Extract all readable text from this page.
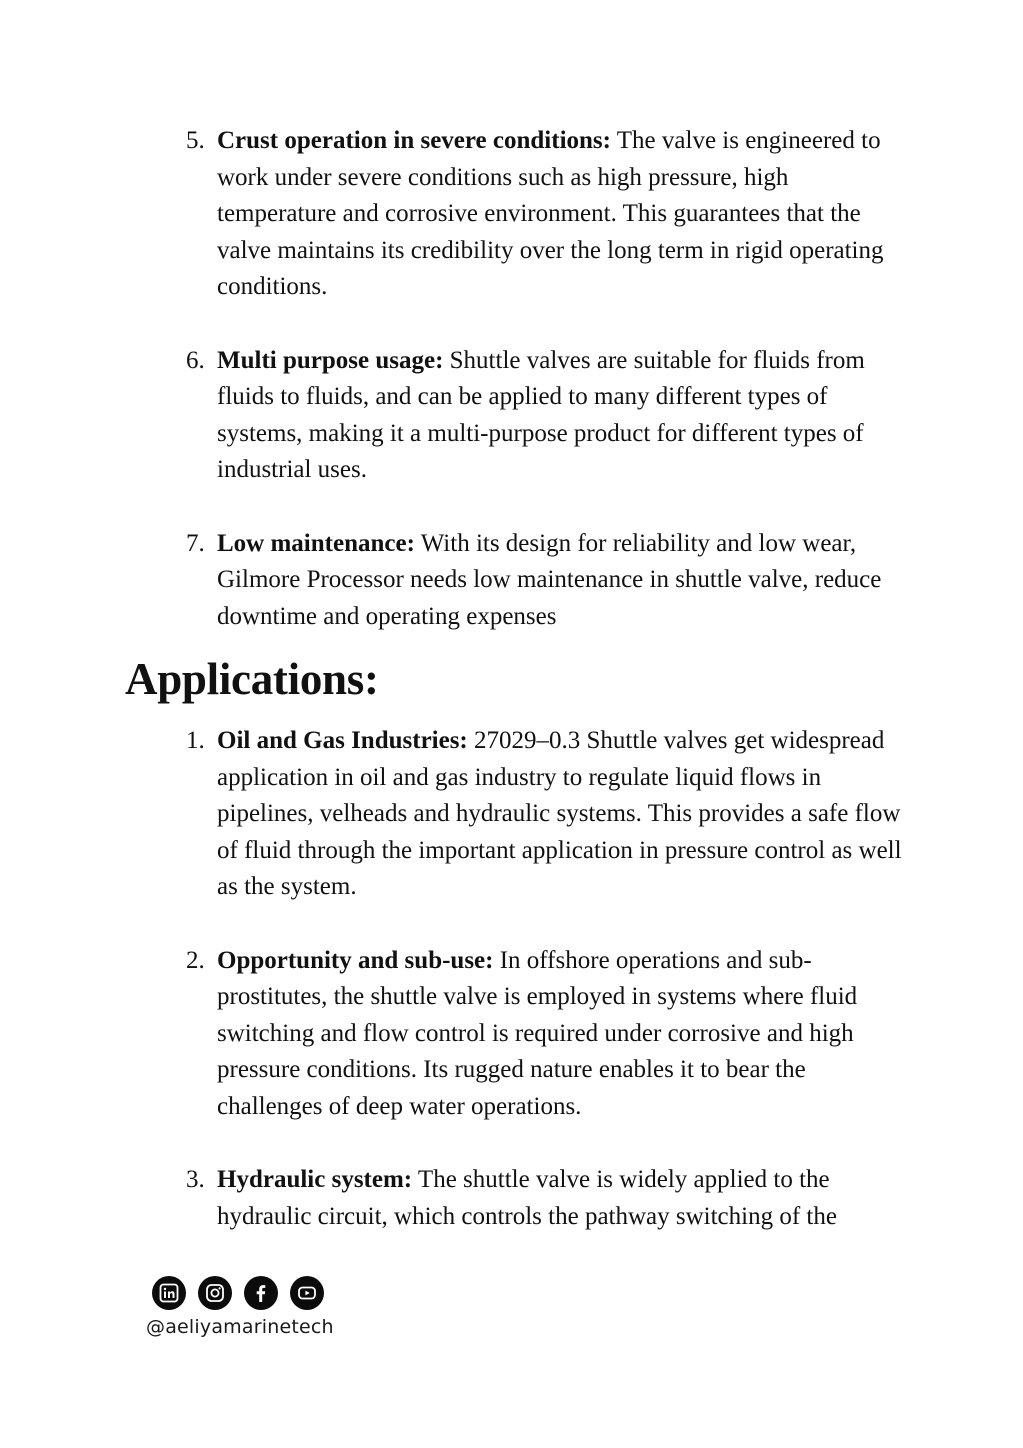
5. Crust operation in severe conditions: The valve is engineered to work under severe conditions such as high pressure, high temperature and corrosive environment. This guarantees that the valve maintains its credibility over the long term in rigid operating conditions.
6. Multi purpose usage: Shuttle valves are suitable for fluids from fluids to fluids, and can be applied to many different types of systems, making it a multi-purpose product for different types of industrial uses.
7. Low maintenance: With its design for reliability and low wear, Gilmore Processor needs low maintenance in shuttle valve, reduce downtime and operating expenses
Applications:
1. Oil and Gas Industries: 27029–0.3 Shuttle valves get widespread application in oil and gas industry to regulate liquid flows in pipelines, velheads and hydraulic systems. This provides a safe flow of fluid through the important application in pressure control as well as the system.
2. Opportunity and sub-use: In offshore operations and sub-prostitutes, the shuttle valve is employed in systems where fluid switching and flow control is required under corrosive and high pressure conditions. Its rugged nature enables it to bear the challenges of deep water operations.
3. Hydraulic system: The shuttle valve is widely applied to the hydraulic circuit, which controls the pathway switching of the
@aeliyamarinetech
